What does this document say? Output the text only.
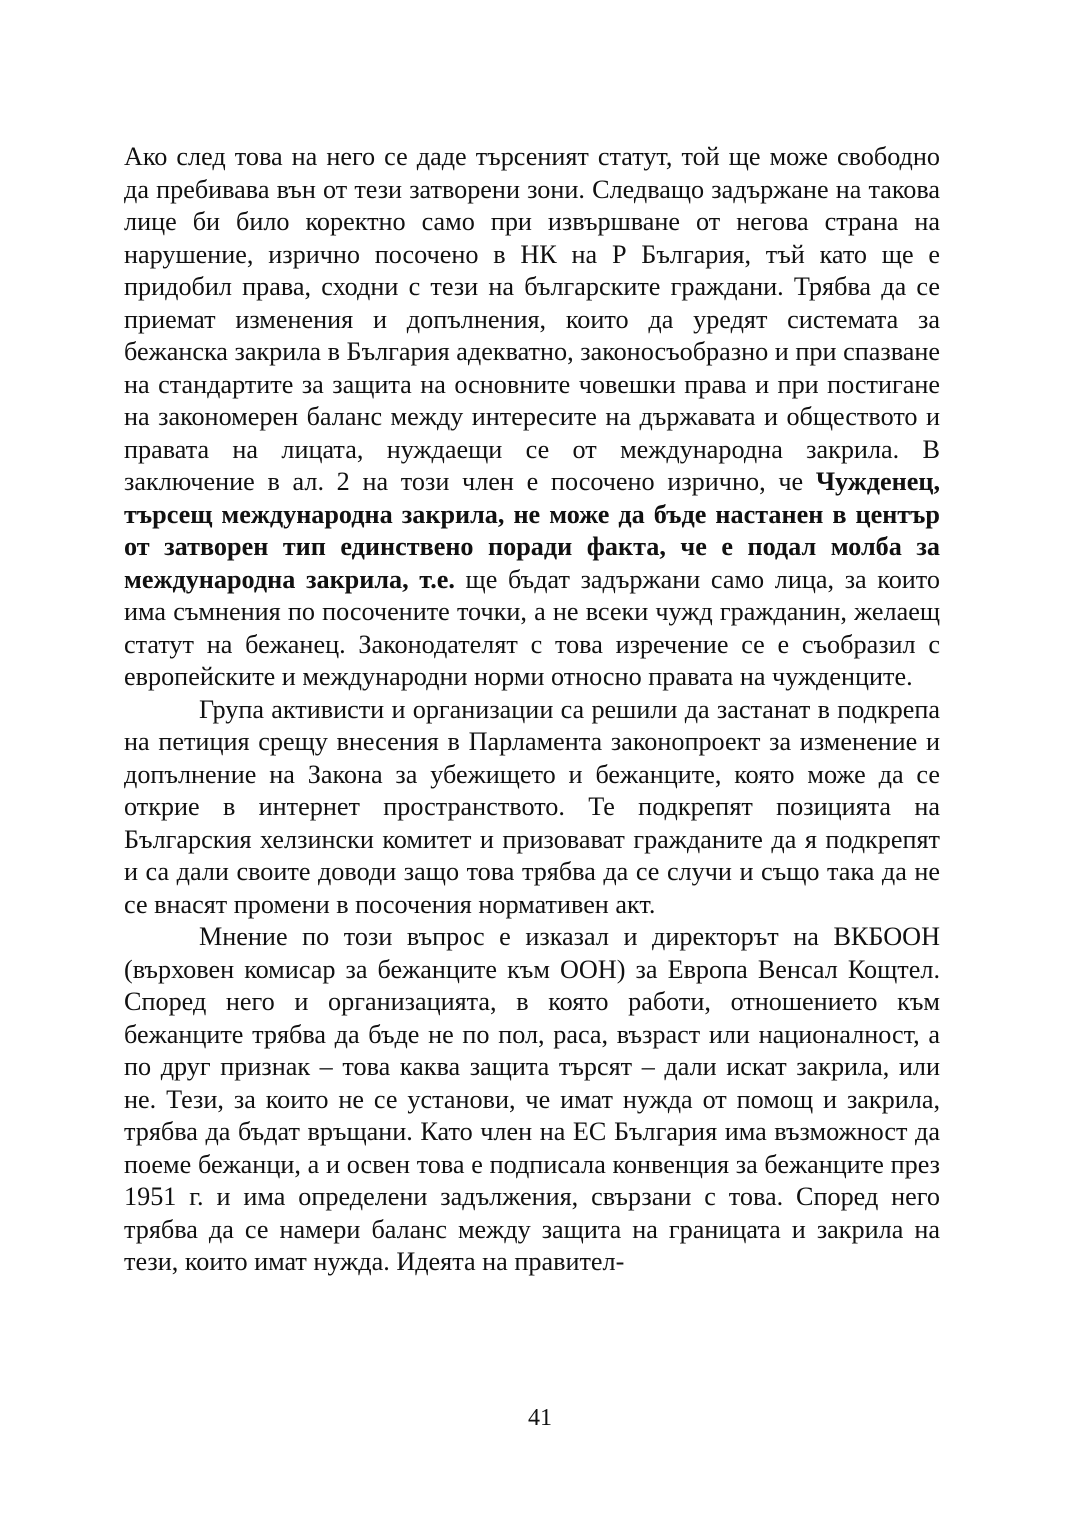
Ако след това на него се даде търсеният статут, той ще може свободно да пребивава вън от тези затворени зони. Следващо задържане на такова лице би било коректно само при извършване от негова страна на нарушение, изрично посочено в НК на Р България, тъй като ще е придобил права, сходни с тези на българските граждани. Трябва да се приемат изменения и допълнения, които да уредят системата за бежанска закрила в България адекватно, законосъобразно и при спазване на стандартите за защита на основните човешки права и при постигане на закономерен баланс между интересите на държавата и обществото и правата на лицата, нуждаещи се от международна закрила. В заключение в ал. 2 на този член е посочено изрично, че Чужденец, търсещ международна закрила, не може да бъде настанен в център от затворен тип единствено поради факта, че е подал молба за международна закрила, т.е. ще бъдат задържани само лица, за които има съмнения по посочените точки, а не всеки чужд гражданин, желаещ статут на бежанец. Законодателят с това изречение се е съобразил с европейските и международни норми относно правата на чужденците.

Група активисти и организации са решили да застанат в подкрепа на петиция срещу внесения в Парламента законопроект за изменение и допълнение на Закона за убежището и бежанците, която може да се открие в интернет пространството. Те подкрепят позицията на Българския хелзински комитет и призовават гражданите да я подкрепят и са дали своите доводи защо това трябва да се случи и също така да не се внасят промени в посочения нормативен акт.

Мнение по този въпрос е изказал и директорът на ВКБООН (върховен комисар за бежанците към ООН) за Европа Венсал Кощтел. Според него и организацията, в която работи, отношението към бежанците трябва да бъде не по пол, раса, възраст или националност, а по друг признак – това каква защита търсят – дали искат закрила, или не. Тези, за които не се установи, че имат нужда от помощ и закрила, трябва да бъдат връщани. Като член на ЕС България има възможност да поеме бежанци, а и освен това е подписала конвенция за бежанците през 1951 г. и има определени задължения, свързани с това. Според него трябва да се намери баланс между защита на границата и закрила на тези, които имат нужда. Идеята на правител-

41
